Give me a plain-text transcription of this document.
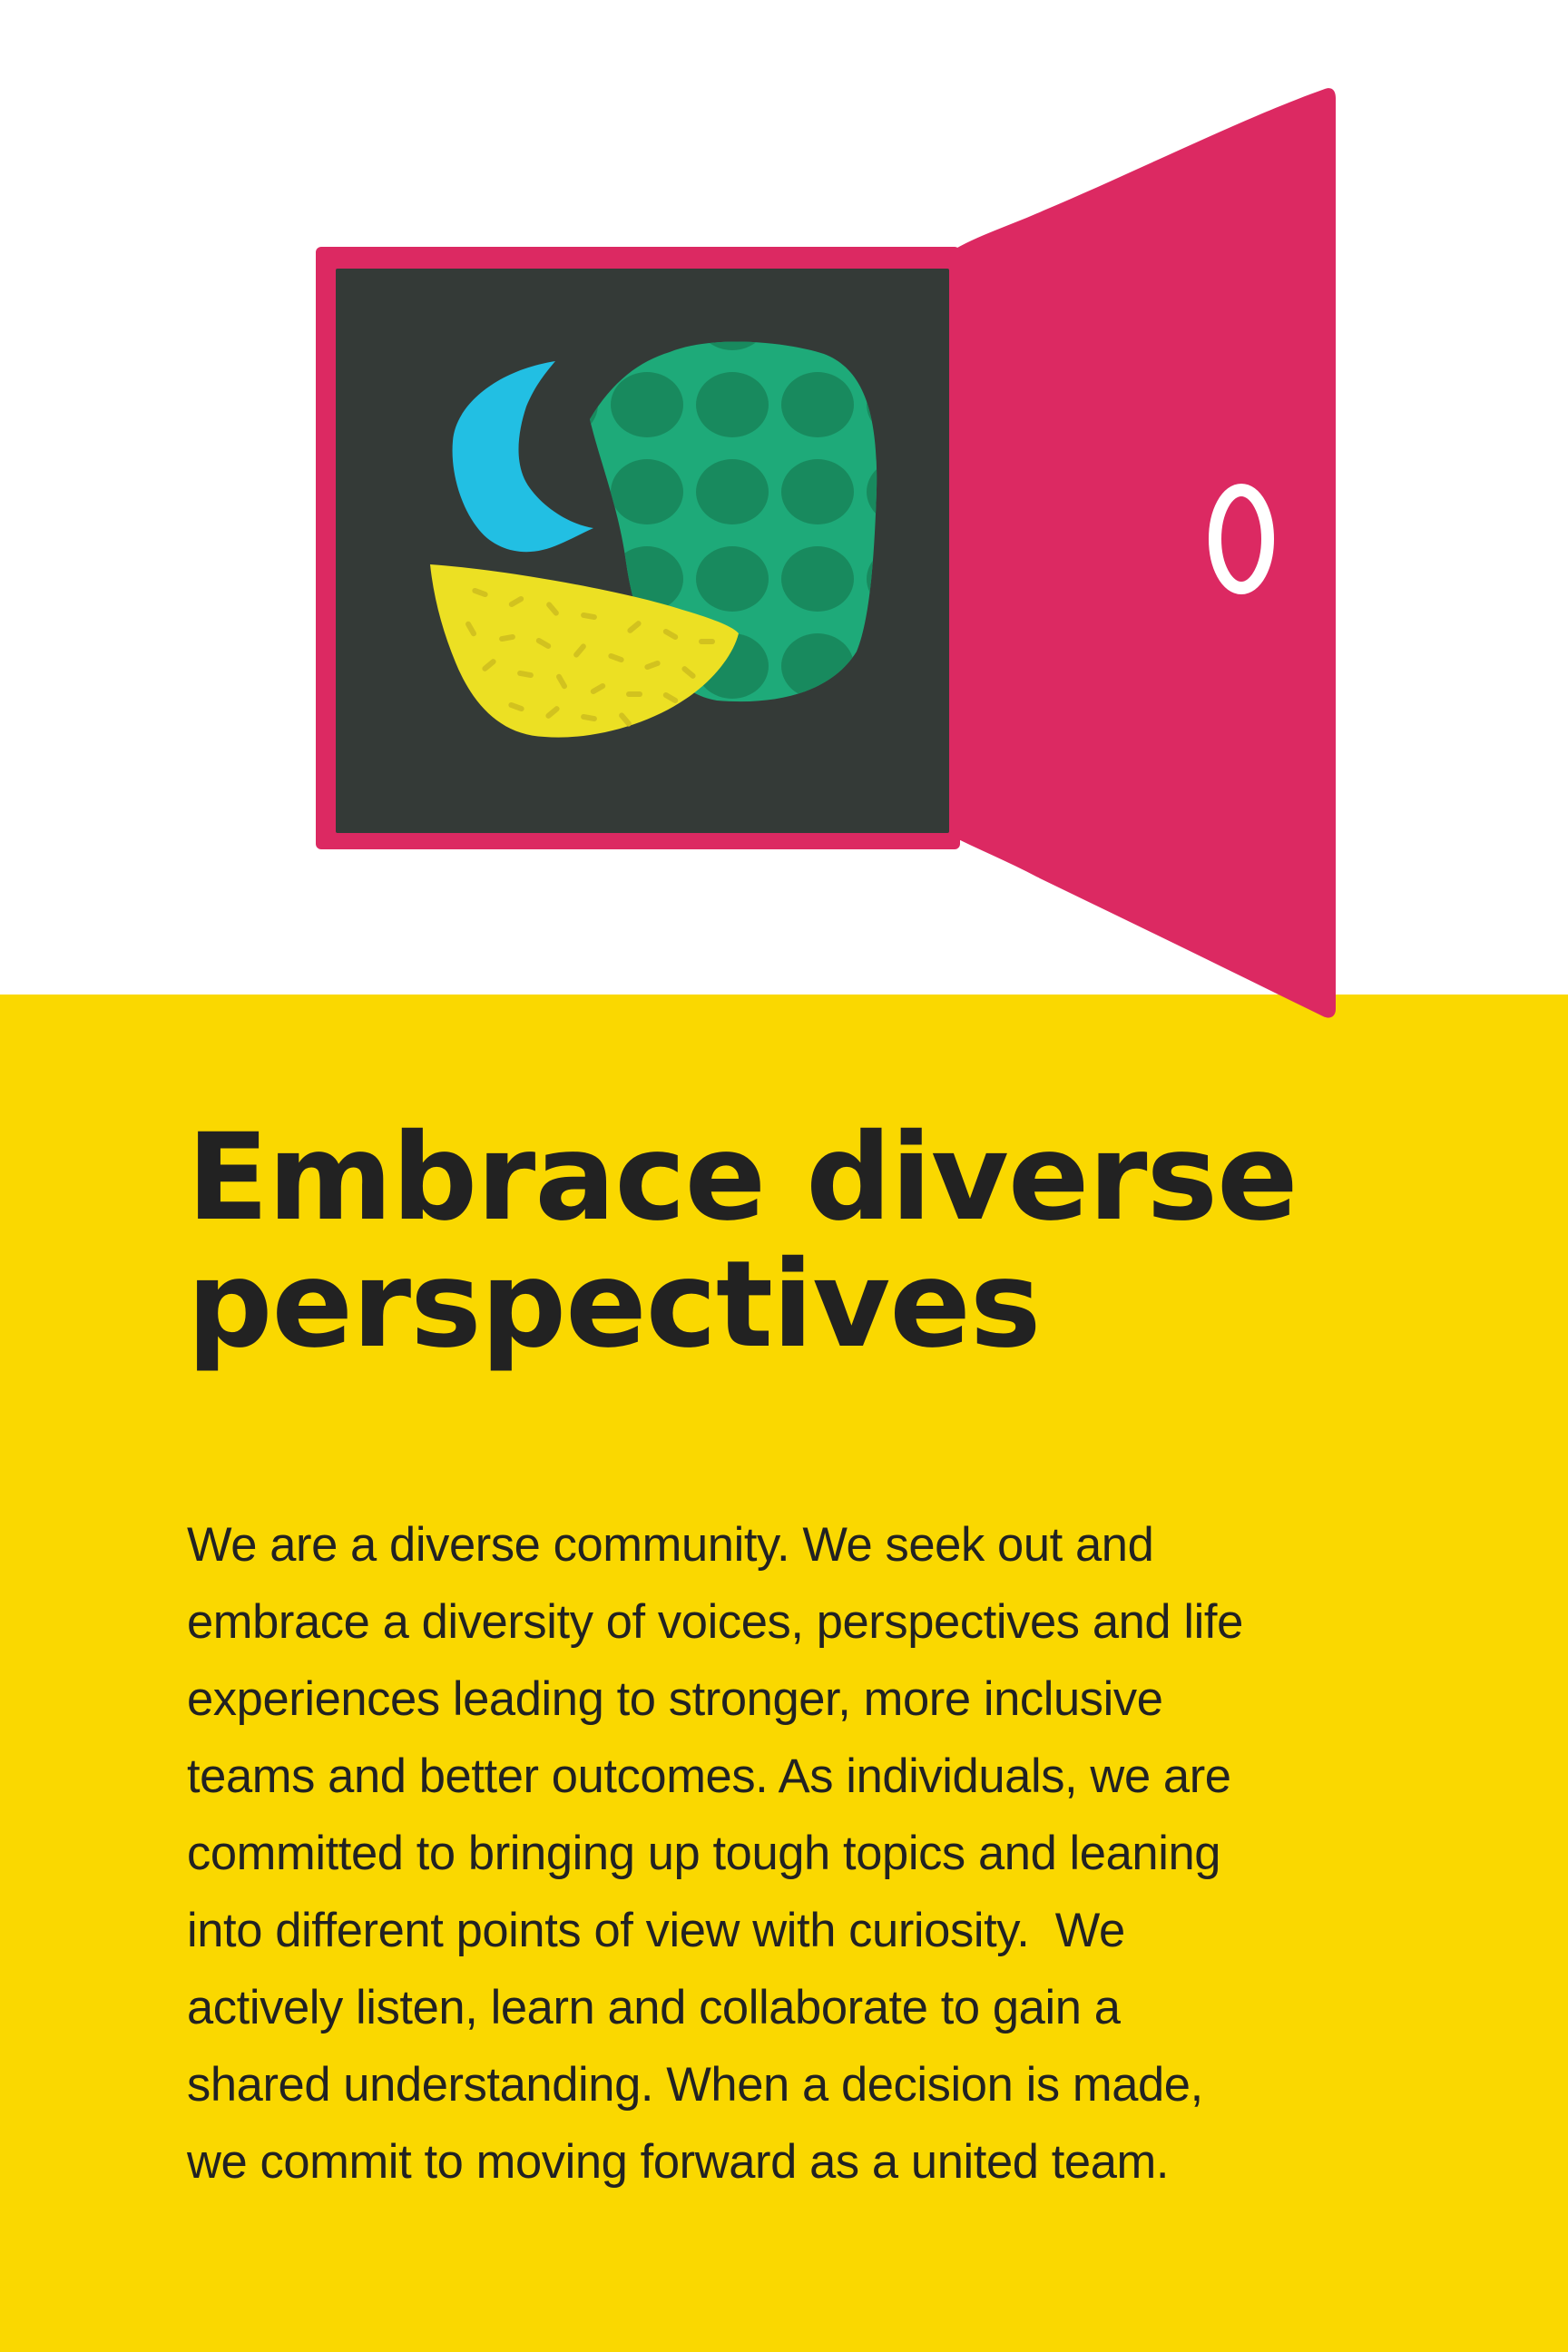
Embrace diverse
perspectives
We are a diverse community. We seek out and
embrace a diversity of voices, perspectives and life
experiences leading to stronger, more inclusive
teams and better outcomes. As individuals, we are
committed to bringing up tough topics and leaning
into different points of view with curiosity.  We
actively listen, learn and collaborate to gain a
shared understanding. When a decision is made,
we commit to moving forward as a united team.
